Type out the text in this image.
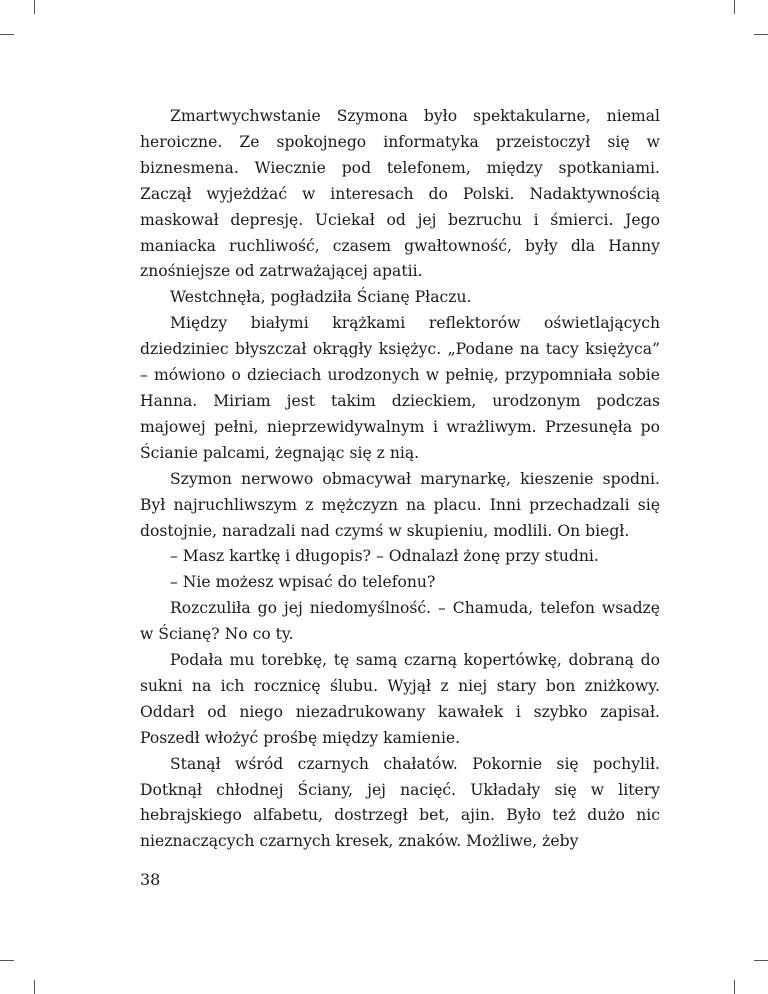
Zmartwychwstanie Szymona było spektakularne, niemal heroiczne. Ze spokojnego informatyka przeistoczył się w biznesmena. Wiecznie pod telefonem, między spotkaniami. Zaczął wyjeżdżać w interesach do Polski. Nadaktywnością maskował depresję. Uciekał od jej bezruchu i śmierci. Jego maniacka ruchliwość, czasem gwałtowność, były dla Hanny znośniejsze od zatrważającej apatii.

Westchnęła, pogładziła Ścianę Płaczu.

Między białymi krążkami reflektorów oświetlających dziedziniec błyszczał okrągły księżyc. „Podane na tacy księżyca” – mówiono o dzieciach urodzonych w pełnię, przypomniała sobie Hanna. Miriam jest takim dzieckiem, urodzonym podczas majowej pełni, nieprzewidywalnym i wrażliwym. Przesunęła po Ścianie palcami, żegnając się z nią.

Szymon nerwowo obmacywał marynarkę, kieszenie spodni. Był najruchliwszym z mężczyzn na placu. Inni przechadzali się dostojnie, naradzali nad czymś w skupieniu, modlili. On biegł.

– Masz kartkę i długopis? – Odnalazł żonę przy studni.

– Nie możesz wpisać do telefonu?

Rozczuliła go jej niedomyślność. – Chamuda, telefon wsadzę w Ścianę? No co ty.

Podała mu torebkę, tę samą czarną kopertówkę, dobraną do sukni na ich rocznicę ślubu. Wyjął z niej stary bon zniżkowy. Oddarł od niego niezadrukowany kawałek i szybko zapisał. Poszedł włożyć prośbę między kamienie.

Stanął wśród czarnych chałatów. Pokornie się pochylił. Dotknął chłodnej Ściany, jej nacięć. Układały się w litery hebrajskiego alfabetu, dostrzegł bet, ajin. Było też dużo nic nieznaczących czarnych kresek, znaków. Możliwe, żeby

38
